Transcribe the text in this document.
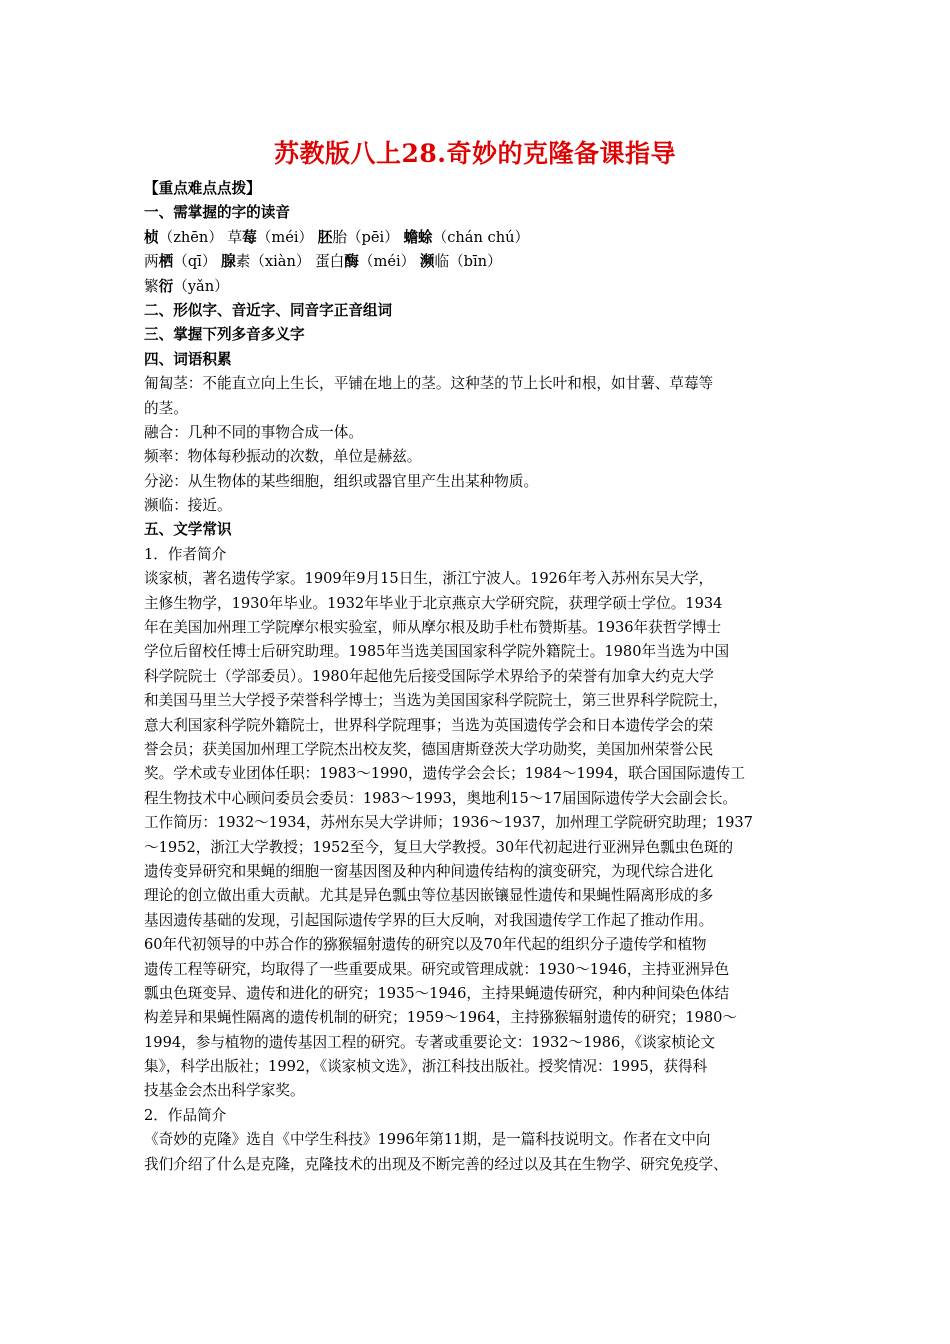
苏教版八上28.奇妙的克隆备课指导
【重点难点点拨】
一、需掌握的字的读音
桢（zhēn） 草莓（méi） 胚胎（pēi） 蟾蜍（chán chú）
两栖（qī） 腺素（xiàn） 蛋白酶（méi） 濒临（bīn）
繁衍（yǎn）
二、形似字、音近字、同音字正音组词
三、掌握下列多音多义字
四、词语积累
匍匐茎：不能直立向上生长，平铺在地上的茎。这种茎的节上长叶和根，如甘薯、草莓等
的茎。
融合：几种不同的事物合成一体。
频率：物体每秒振动的次数，单位是赫兹。
分泌：从生物体的某些细胞，组织或器官里产生出某种物质。
濒临：接近。
五、文学常识
1．作者简介
谈家桢，著名遗传学家。1909年9月15日生，浙江宁波人。1926年考入苏州东吴大学，
主修生物学，1930年毕业。1932年毕业于北京燕京大学研究院，获理学硕士学位。1934
年在美国加州理工学院摩尔根实验室，师从摩尔根及助手杜布赞斯基。1936年获哲学博士
学位后留校任博士后研究助理。1985年当选美国国家科学院外籍院士。1980年当选为中国
科学院院士（学部委员）。1980年起他先后接受国际学术界给予的荣誉有加拿大约克大学
和美国马里兰大学授予荣誉科学博士；当选为美国国家科学院院士，第三世界科学院院士，
意大利国家科学院外籍院士，世界科学院理事；当选为英国遗传学会和日本遗传学会的荣
誉会员；获美国加州理工学院杰出校友奖，德国唐斯登茨大学功勋奖，美国加州荣誉公民
奖。学术或专业团体任职：1983～1990，遗传学会会长；1984～1994，联合国国际遗传工
程生物技术中心顾问委员会委员：1983～1993，奥地利15～17届国际遗传学大会副会长。
工作简历：1932～1934，苏州东吴大学讲师；1936～1937，加州理工学院研究助理；1937
～1952，浙江大学教授；1952至今，复旦大学教授。30年代初起进行亚洲异色瓢虫色斑的
遗传变异研究和果蝇的细胞一窗基因图及种内种间遗传结构的演变研究，为现代综合进化
理论的创立做出重大贡献。尤其是异色瓢虫等位基因嵌镶显性遗传和果蝇性隔离形成的多
基因遗传基础的发现，引起国际遗传学界的巨大反响，对我国遗传学工作起了推动作用。
60年代初领导的中苏合作的猕猴辐射遗传的研究以及70年代起的组织分子遗传学和植物
遗传工程等研究，均取得了一些重要成果。研究或管理成就：1930～1946，主持亚洲异色
瓢虫色斑变异、遗传和进化的研究；1935～1946，主持果蝇遗传研究，种内种间染色体结
构差异和果蝇性隔离的遗传机制的研究；1959～1964，主持猕猴辐射遗传的研究；1980～
1994，参与植物的遗传基因工程的研究。专著或重要论文：1932～1986，《谈家桢论文
集》，科学出版社；1992，《谈家桢文选》，浙江科技出版社。授奖情况：1995，获得科
技基金会杰出科学家奖。
2．作品简介
《奇妙的克隆》选自《中学生科技》1996年第11期，是一篇科技说明文。作者在文中向
我们介绍了什么是克隆，克隆技术的出现及不断完善的经过以及其在生物学、研究免疫学、
